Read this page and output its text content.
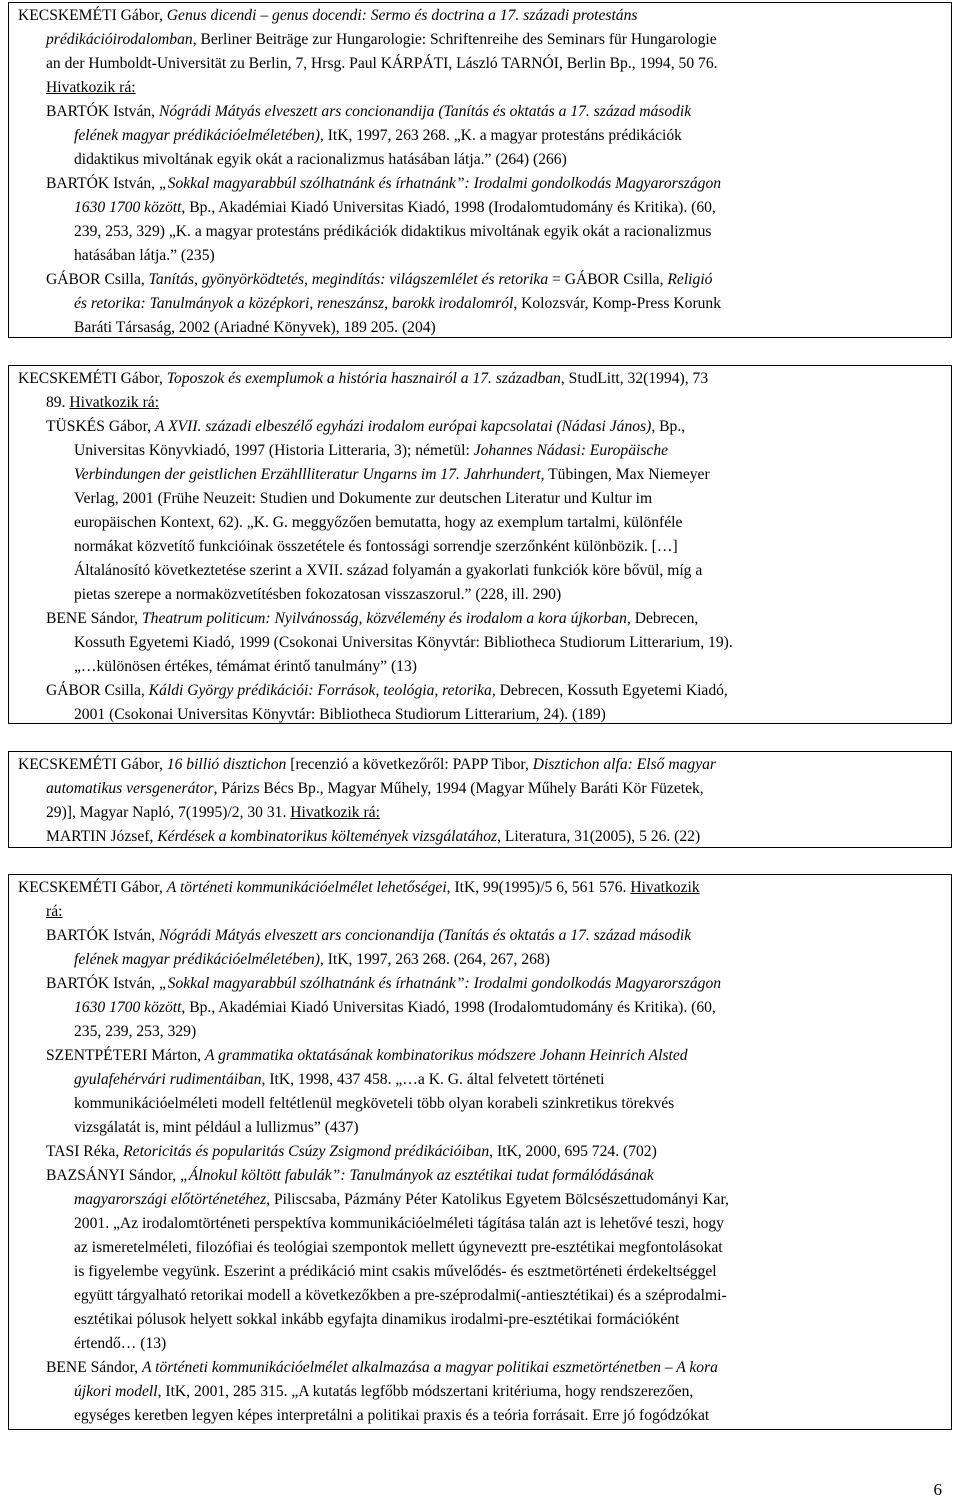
KECSKEMÉTI Gábor, Genus dicendi – genus docendi: Sermo és doctrina a 17. századi protestáns
prédikációirodalomban, Berliner Beiträge zur Hungarologie: Schriftenreihe des Seminars für Hungarologie
an der Humboldt-Universität zu Berlin, 7, Hrsg. Paul KÁRPÁTI, László TARNÓI, Berlin Bp., 1994, 50 76.
Hivatkozik rá:
BARTÓK István, Nógrádi Mátyás elveszett ars concionandija (Tanítás és oktatás a 17. század második
felének magyar prédikációelméletében), ItK, 1997, 263 268. „K. a magyar protestáns prédikációk
didaktikus mivoltának egyik okát a racionalizmus hatásában látja.” (264) (266)
BARTÓK István, „Sokkal magyarabbúl szólhatnánk és írhatnánk”: Irodalmi gondolkodás Magyarországon
1630 1700 között, Bp., Akadémiai Kiadó Universitas Kiadó, 1998 (Irodalomtudomány és Kritika). (60,
239, 253, 329) „K. a magyar protestáns prédikációk didaktikus mivoltának egyik okát a racionalizmus
hatásában látja.” (235)
GÁBOR Csilla, Tanítás, gyönyörködtetés, megindítás: világszemlélet és retorika = GÁBOR Csilla, Religió
és retorika: Tanulmányok a középkori, reneszánsz, barokk irodalomról, Kolozsvár, Komp-Press Korunk
Baráti Társaság, 2002 (Ariadné Könyvek), 189 205. (204)
KECSKEMÉTI Gábor, Toposzok és exemplumok a história hasznairól a 17. században, StudLitt, 32(1994), 73
89. Hivatkozik rá:
TÜSKÉS Gábor, A XVII. századi elbeszélő egyházi irodalom európai kapcsolatai (Nádasi János), Bp.,
Universitas Könyvkiadó, 1997 (Historia Litteraria, 3); németül: Johannes Nádasi: Europäische
Verbindungen der geistlichen Erzähllliteratur Ungarns im 17. Jahrhundert, Tübingen, Max Niemeyer
Verlag, 2001 (Frühe Neuzeit: Studien und Dokumente zur deutschen Literatur und Kultur im
europäischen Kontext, 62). „K. G. meggyőzően bemutatta, hogy az exemplum tartalmi, különféle
normákat közvetítő funkcióinak összetétele és fontossági sorrendje szerzőnként különbözik. […]
Általánosító következtetése szerint a XVII. század folyamán a gyakorlati funkciók köre bővül, míg a
pietas szerepe a normaközvetítésben fokozatosan visszaszorul.” (228, ill. 290)
BENE Sándor, Theatrum politicum: Nyilvánosság, közvélemény és irodalom a kora újkorban, Debrecen,
Kossuth Egyetemi Kiadó, 1999 (Csokonai Universitas Könyvtár: Bibliotheca Studiorum Litterarium, 19).
„…különösen értékes, témámat érintő tanulmány” (13)
GÁBOR Csilla, Káldi György prédikációi: Források, teológia, retorika, Debrecen, Kossuth Egyetemi Kiadó,
2001 (Csokonai Universitas Könyvtár: Bibliotheca Studiorum Litterarium, 24). (189)
KECSKEMÉTI Gábor, 16 billió disztichon [recenzió a következőről: PAPP Tibor, Disztichon alfa: Első magyar
automatikus versgenerátor, Párizs Bécs Bp., Magyar Műhely, 1994 (Magyar Műhely Baráti Kör Füzetek,
29)], Magyar Napló, 7(1995)/2, 30 31. Hivatkozik rá:
MARTIN József, Kérdések a kombinatorikus költemények vizsgálatához, Literatura, 31(2005), 5 26. (22)
KECSKEMÉTI Gábor, A történeti kommunikációelmélet lehetőségei, ItK, 99(1995)/5 6, 561 576. Hivatkozik
rá:
BARTÓK István, Nógrádi Mátyás elveszett ars concionandija (Tanítás és oktatás a 17. század második
felének magyar prédikációelméletében), ItK, 1997, 263 268. (264, 267, 268)
BARTÓK István, „Sokkal magyarabbúl szólhatnánk és írhatnánk”: Irodalmi gondolkodás Magyarországon
1630 1700 között, Bp., Akadémiai Kiadó Universitas Kiadó, 1998 (Irodalomtudomány és Kritika). (60,
235, 239, 253, 329)
SZENTPÉTERI Márton, A grammatika oktatásának kombinatorikus módszere Johann Heinrich Alsted
gyulafehérvári rudimentáiban, ItK, 1998, 437 458. „…a K. G. által felvetett történeti
kommunikációelméleti modell feltétlenül megköveteli több olyan korabeli szinkretikus törekvés
vizsgálatát is, mint például a lullizmus” (437)
TASI Réka, Retoricitás és popularitás Csúzy Zsigmond prédikációiban, ItK, 2000, 695 724. (702)
BAZSÁNYI Sándor, „Álnokul költött fabulák”: Tanulmányok az esztétikai tudat formálódásának
magyarországi előtörténetéhez, Piliscsaba, Pázmány Péter Katolikus Egyetem Bölcsészettudományi Kar,
2001. „Az irodalomtörténeti perspektíva kommunikációelméleti tágítása talán azt is lehetővé teszi, hogy
az ismeretelméleti, filozófiai és teológiai szempontok mellett úgyneveztt pre-esztétikai megfontolásokat
is figyelembe vegyünk. Eszerint a prédikáció mint csakis művelődés- és esztmetörténeti érdekeltséggel
együtt tárgyalható retorikai modell a következőkben a pre-széprodalmi(-antiesztétikai) és a széprodalmi-
esztétikai pólusok helyett sokkal inkább egyfajta dinamikus irodalmi-pre-esztétikai formációként
értendő… (13)
BENE Sándor, A történeti kommunikációelmélet alkalmazása a magyar politikai eszmetörténetben – A kora
újkori modell, ItK, 2001, 285 315. „A kutatás legfőbb módszertani kritériuma, hogy rendszerezően,
egységes keretben legyen képes interpretálni a politikai praxis és a teória forrásait. Erre jó fogódzókat
6
